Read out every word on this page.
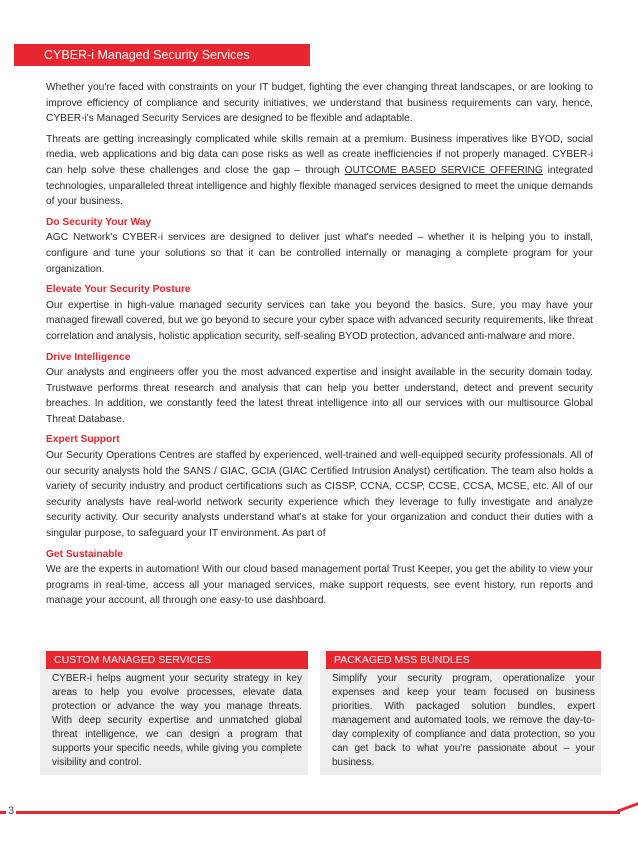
CYBER-i Managed Security Services

Whether you're faced with constraints on your IT budget, fighting the ever changing threat landscapes, or are looking to improve efficiency of compliance and security initiatives, we understand that business requirements can vary, hence, CYBER-i's Managed Security Services are designed to be flexible and adaptable.

Threats are getting increasingly complicated while skills remain at a premium. Business imperatives like BYOD, social media, web applications and big data can pose risks as well as create inefficiencies if not properly managed. CYBER-i can help solve these challenges and close the gap – through OUTCOME BASED SERVICE OFFERING integrated technologies, unparalleled threat intelligence and highly flexible managed services designed to meet the unique demands of your business.

Do Security Your Way

AGC Network's CYBER-i services are designed to deliver just what's needed – whether it is helping you to install, configure and tune your solutions so that it can be controlled internally or managing a complete program for your organization.

Elevate Your Security Posture

Our expertise in high-value managed security services can take you beyond the basics. Sure, you may have your managed firewall covered, but we go beyond to secure your cyber space with advanced security requirements, like threat correlation and analysis, holistic application security, self-sealing BYOD protection, advanced anti-malware and more.

Drive Intelligence

Our analysts and engineers offer you the most advanced expertise and insight available in the security domain today. Trustwave performs threat research and analysis that can help you better understand, detect and prevent security breaches. In addition, we constantly feed the latest threat intelligence into all our services with our multisource Global Threat Database.

Expert Support

Our Security Operations Centres are staffed by experienced, well-trained and well-equipped security professionals. All of our security analysts hold the SANS / GIAC, GCIA (GIAC Certified Intrusion Analyst) certification. The team also holds a variety of security industry and product certifications such as CISSP, CCNA, CCSP, CCSE, CCSA, MCSE, etc. All of our security analysts have real-world network security experience which they leverage to fully investigate and analyze security activity. Our security analysts understand what's at stake for your organization and conduct their duties with a singular purpose, to safeguard your IT environment. As part of

Get Sustainable

We are the experts in automation! With our cloud based management portal Trust Keeper, you get the ability to view your programs in real-time, access all your managed services, make support requests, see event history, run reports and manage your account, all through one easy-to use dashboard.

CUSTOM MANAGED SERVICES
CYBER-i helps augment your security strategy in key areas to help you evolve processes, elevate data protection or advance the way you manage threats. With deep security expertise and unmatched global threat intelligence, we can design a program that supports your specific needs, while giving you complete visibility and control.
PACKAGED MSS BUNDLES
Simplify your security program, operationalize your expenses and keep your team focused on business priorities. With packaged solution bundles, expert management and automated tools, we remove the day-to-day complexity of compliance and data protection, so you can get back to what you're passionate about – your business.
3
